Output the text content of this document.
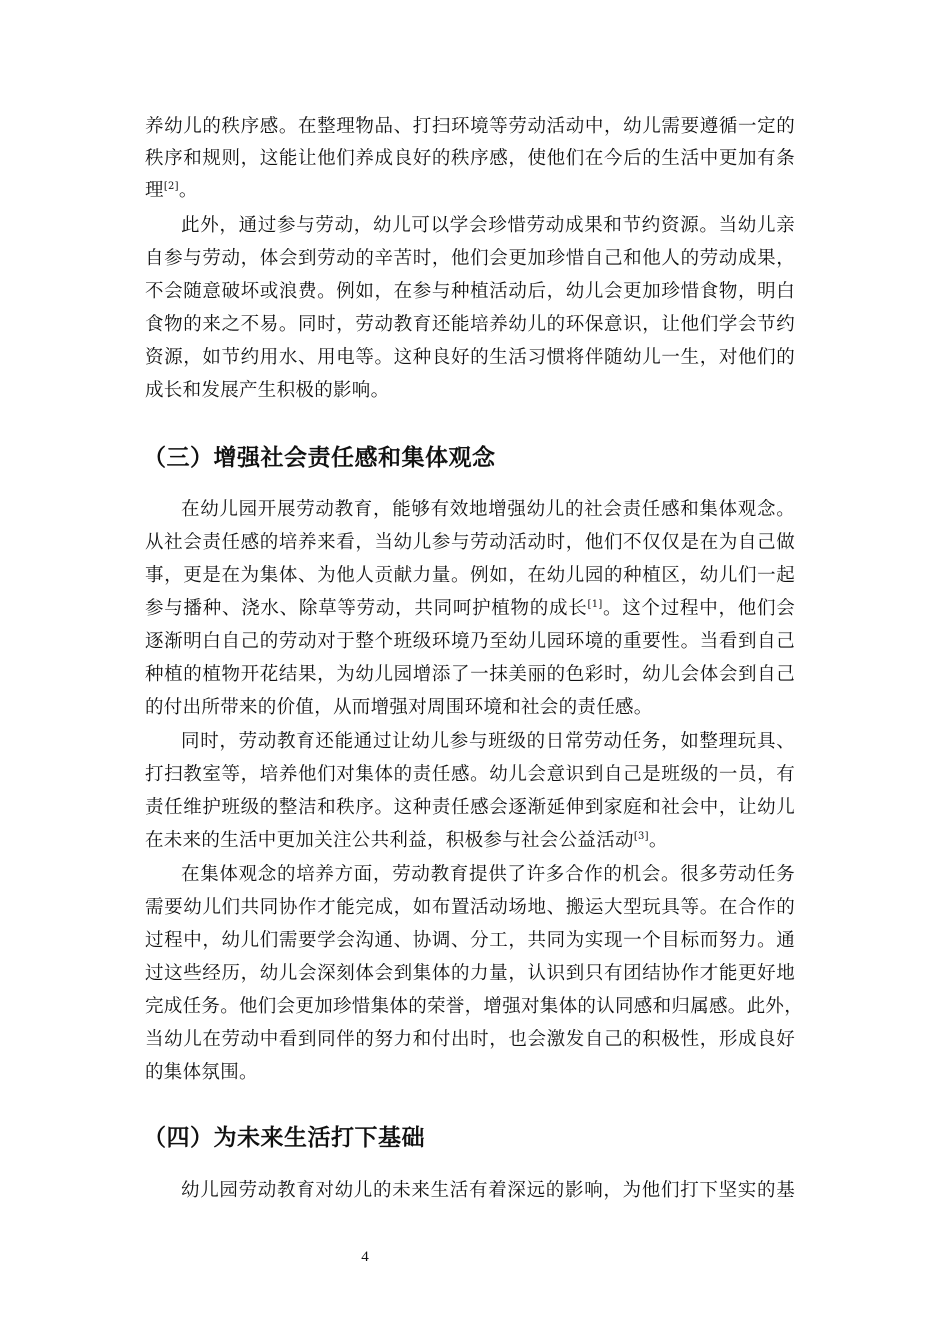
养幼儿的秩序感。在整理物品、打扫环境等劳动活动中，幼儿需要遵循一定的
秩序和规则，这能让他们养成良好的秩序感，使他们在今后的生活中更加有条
理[2]。
此外，通过参与劳动，幼儿可以学会珍惜劳动成果和节约资源。当幼儿亲
自参与劳动，体会到劳动的辛苦时，他们会更加珍惜自己和他人的劳动成果，
不会随意破坏或浪费。例如，在参与种植活动后，幼儿会更加珍惜食物，明白
食物的来之不易。同时，劳动教育还能培养幼儿的环保意识，让他们学会节约
资源，如节约用水、用电等。这种良好的生活习惯将伴随幼儿一生，对他们的
成长和发展产生积极的影响。
（三）增强社会责任感和集体观念
在幼儿园开展劳动教育，能够有效地增强幼儿的社会责任感和集体观念。
从社会责任感的培养来看，当幼儿参与劳动活动时，他们不仅仅是在为自己做
事，更是在为集体、为他人贡献力量。例如，在幼儿园的种植区，幼儿们一起
参与播种、浇水、除草等劳动，共同呵护植物的成长[1]。这个过程中，他们会
逐渐明白自己的劳动对于整个班级环境乃至幼儿园环境的重要性。当看到自己
种植的植物开花结果，为幼儿园增添了一抹美丽的色彩时，幼儿会体会到自己
的付出所带来的价值，从而增强对周围环境和社会的责任感。
同时，劳动教育还能通过让幼儿参与班级的日常劳动任务，如整理玩具、
打扫教室等，培养他们对集体的责任感。幼儿会意识到自己是班级的一员，有
责任维护班级的整洁和秩序。这种责任感会逐渐延伸到家庭和社会中，让幼儿
在未来的生活中更加关注公共利益，积极参与社会公益活动[3]。
在集体观念的培养方面，劳动教育提供了许多合作的机会。很多劳动任务
需要幼儿们共同协作才能完成，如布置活动场地、搬运大型玩具等。在合作的
过程中，幼儿们需要学会沟通、协调、分工，共同为实现一个目标而努力。通
过这些经历，幼儿会深刻体会到集体的力量，认识到只有团结协作才能更好地
完成任务。他们会更加珍惜集体的荣誉，增强对集体的认同感和归属感。此外，
当幼儿在劳动中看到同伴的努力和付出时，也会激发自己的积极性，形成良好
的集体氛围。
（四）为未来生活打下基础
幼儿园劳动教育对幼儿的未来生活有着深远的影响，为他们打下坚实的基
4
